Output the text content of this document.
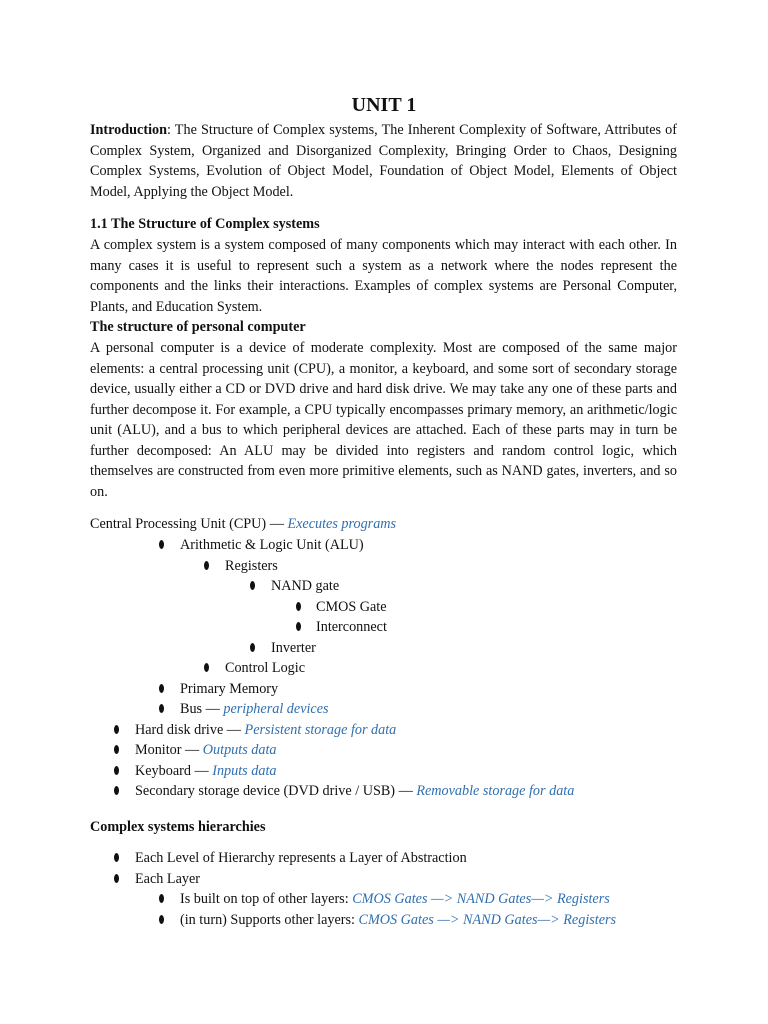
UNIT 1

Introduction: The Structure of Complex systems, The Inherent Complexity of Software, Attributes of Complex System, Organized and Disorganized Complexity, Bringing Order to Chaos, Designing Complex Systems, Evolution of Object Model, Foundation of Object Model, Elements of Object Model, Applying the Object Model.

1.1 The Structure of Complex systems

A complex system is a system composed of many components which may interact with each other. In many cases it is useful to represent such a system as a network where the nodes represent the components and the links their interactions. Examples of complex systems are Personal Computer, Plants, and Education System.

The structure of personal computer

A personal computer is a device of moderate complexity. Most are composed of the same major elements: a central processing unit (CPU), a monitor, a keyboard, and some sort of secondary storage device, usually either a CD or DVD drive and hard disk drive. We may take any one of these parts and further decompose it. For example, a CPU typically encompasses primary memory, an arithmetic/logic unit (ALU), and a bus to which peripheral devices are attached. Each of these parts may in turn be further decomposed: An ALU may be divided into registers and random control logic, which themselves are constructed from even more primitive elements, such as NAND gates, inverters, and so on.

Central Processing Unit (CPU) — Executes programs
Arithmetic & Logic Unit (ALU)
Registers
NAND gate
CMOS Gate
Interconnect
Inverter
Control Logic
Primary Memory
Bus — peripheral devices
Hard disk drive — Persistent storage for data
Monitor — Outputs data
Keyboard — Inputs data
Secondary storage device (DVD drive / USB) — Removable storage for data
Complex systems hierarchies
Each Level of Hierarchy represents a Layer of Abstraction
Each Layer
Is built on top of other layers: CMOS Gates —> NAND Gates—> Registers
(in turn) Supports other layers: CMOS Gates —> NAND Gates—> Registers
